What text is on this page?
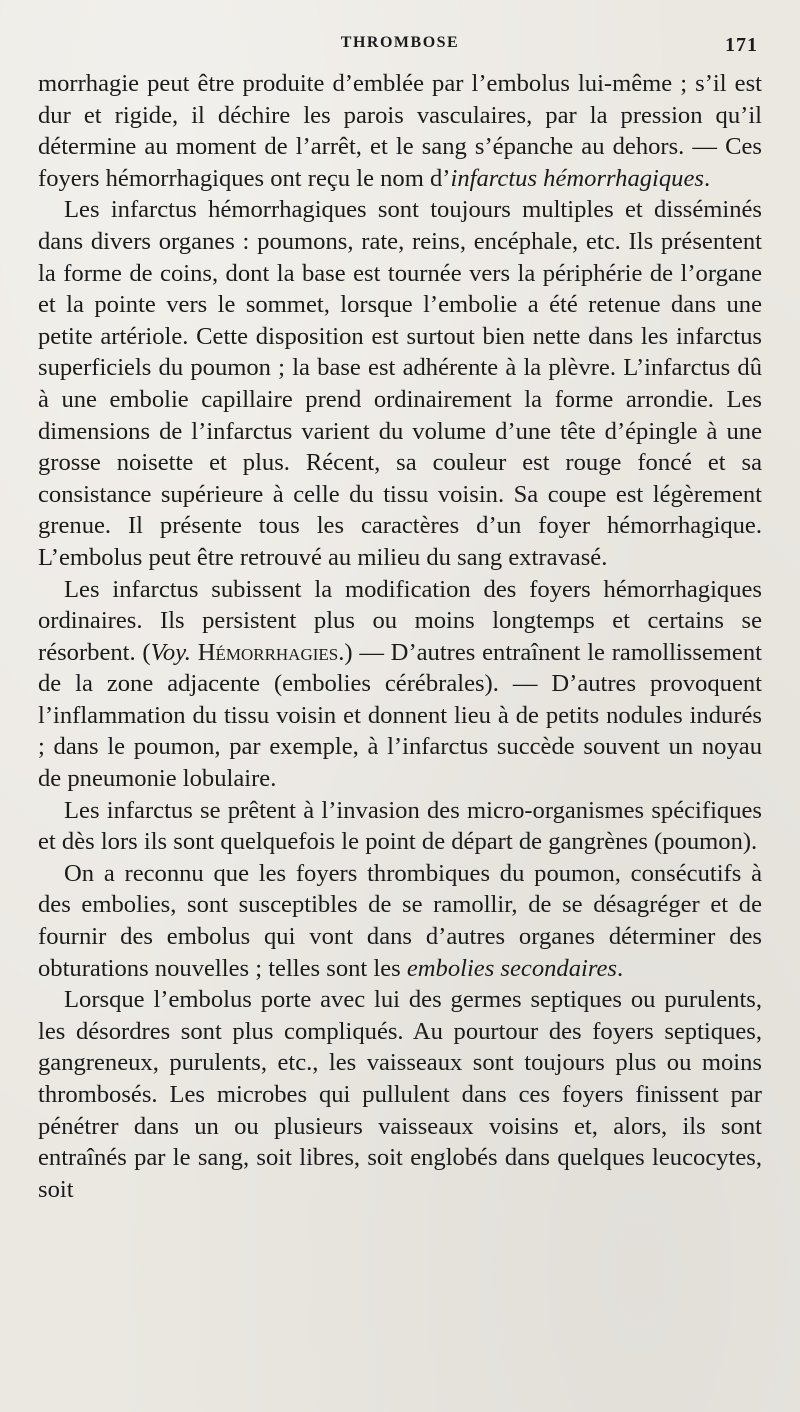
THROMBOSE	171

morrhagie peut être produite d’emblée par l’embolus lui-même ; s’il est dur et rigide, il déchire les parois vasculaires, par la pression qu’il détermine au moment de l’arrêt, et le sang s’épanche au dehors. — Ces foyers hémorrhagiques ont reçu le nom d’infarctus hémorrhagiques.

Les infarctus hémorrhagiques sont toujours multiples et disséminés dans divers organes : poumons, rate, reins, encéphale, etc. Ils présentent la forme de coins, dont la base est tournée vers la périphérie de l’organe et la pointe vers le sommet, lorsque l’embolie a été retenue dans une petite artériole. Cette disposition est surtout bien nette dans les infarctus superficiels du poumon ; la base est adhérente à la plèvre. L’infarctus dû à une embolie capillaire prend ordinairement la forme arrondie. Les dimensions de l’infarctus varient du volume d’une tête d’épingle à une grosse noisette et plus. Récent, sa couleur est rouge foncé et sa consistance supérieure à celle du tissu voisin. Sa coupe est légèrement grenue. Il présente tous les caractères d’un foyer hémorrhagique. L’embolus peut être retrouvé au milieu du sang extravasé.

Les infarctus subissent la modification des foyers hémorrhagiques ordinaires. Ils persistent plus ou moins longtemps et certains se résorbent. (Voy. Hémorrhagies.) — D’autres entraînent le ramollissement de la zone adjacente (embolies cérébrales). — D’autres provoquent l’inflammation du tissu voisin et donnent lieu à de petits nodules indurés ; dans le poumon, par exemple, à l’infarctus succède souvent un noyau de pneumonie lobulaire.

Les infarctus se prêtent à l’invasion des micro-organismes spécifiques et dès lors ils sont quelquefois le point de départ de gangrènes (poumon).

On a reconnu que les foyers thrombiques du poumon, consécutifs à des embolies, sont susceptibles de se ramollir, de se désagréger et de fournir des embolus qui vont dans d’autres organes déterminer des obturations nouvelles ; telles sont les embolies secondaires.

Lorsque l’embolus porte avec lui des germes septiques ou purulents, les désordres sont plus compliqués. Au pourtour des foyers septiques, gangreneux, purulents, etc., les vaisseaux sont toujours plus ou moins thrombosés. Les microbes qui pullulent dans ces foyers finissent par pénétrer dans un ou plusieurs vaisseaux voisins et, alors, ils sont entraînés par le sang, soit libres, soit englobés dans quelques leucocytes, soit
